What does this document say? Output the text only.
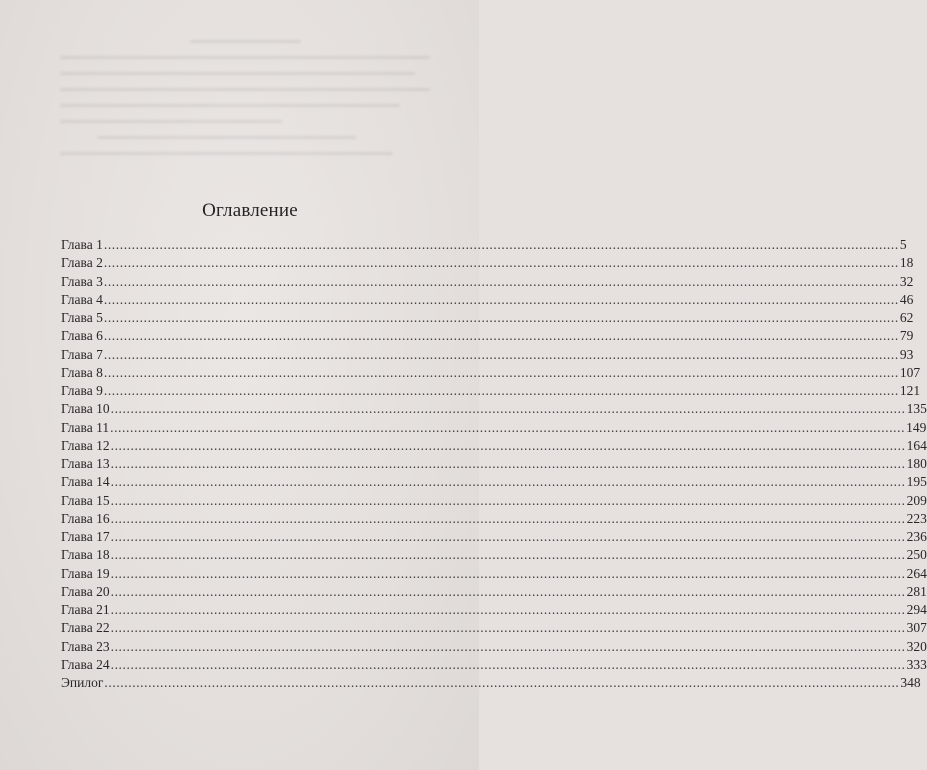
Оглавление
Глава 1 ........................................................................................................................................................................................................ 5
Глава 2 ........................................................................................................................................................................................................ 18
Глава 3 ........................................................................................................................................................................................................ 32
Глава 4 ........................................................................................................................................................................................................ 46
Глава 5 ........................................................................................................................................................................................................ 62
Глава 6 ........................................................................................................................................................................................................ 79
Глава 7 ........................................................................................................................................................................................................ 93
Глава 8 ........................................................................................................................................................................................................ 107
Глава 9 ........................................................................................................................................................................................................ 121
Глава 10 ........................................................................................................................................................................................................ 135
Глава 11 ........................................................................................................................................................................................................ 149
Глава 12 ........................................................................................................................................................................................................ 164
Глава 13 ........................................................................................................................................................................................................ 180
Глава 14 ........................................................................................................................................................................................................ 195
Глава 15 ........................................................................................................................................................................................................ 209
Глава 16 ........................................................................................................................................................................................................ 223
Глава 17 ........................................................................................................................................................................................................ 236
Глава 18 ........................................................................................................................................................................................................ 250
Глава 19 ........................................................................................................................................................................................................ 264
Глава 20 ........................................................................................................................................................................................................ 281
Глава 21 ........................................................................................................................................................................................................ 294
Глава 22 ........................................................................................................................................................................................................ 307
Глава 23 ........................................................................................................................................................................................................ 320
Глава 24 ........................................................................................................................................................................................................ 333
Эпилог ........................................................................................................................................................................................................ 348
